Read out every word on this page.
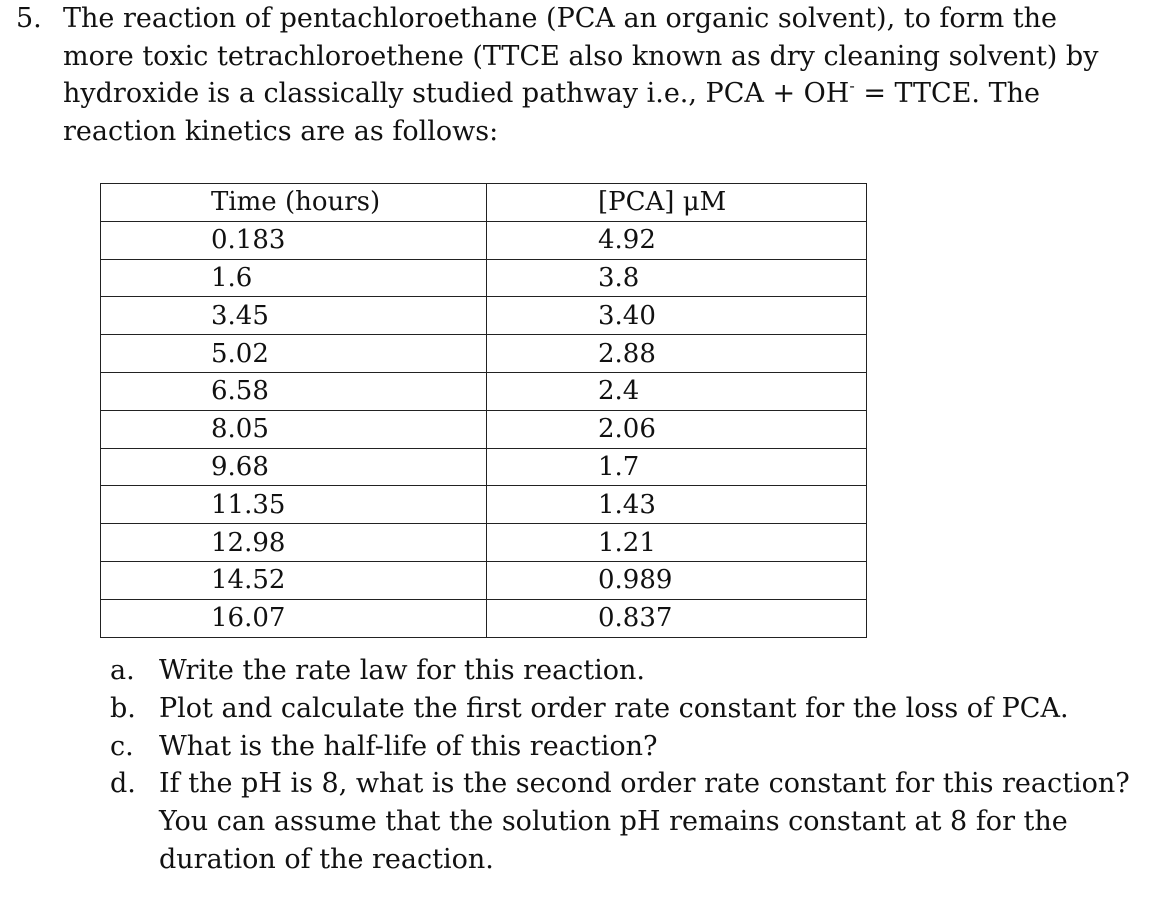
5. The reaction of pentachloroethane (PCA an organic solvent), to form the
more toxic tetrachloroethene (TTCE also known as dry cleaning solvent) by
hydroxide is a classically studied pathway i.e., PCA + OH- = TTCE. The
reaction kinetics are as follows:
Time (hours)	[PCA] μM
0.183	4.92
1.6	3.8
3.45	3.40
5.02	2.88
6.58	2.4
8.05	2.06
9.68	1.7
11.35	1.43
12.98	1.21
14.52	0.989
16.07	0.837
a. Write the rate law for this reaction.
b. Plot and calculate the first order rate constant for the loss of PCA.
c. What is the half-life of this reaction?
d. If the pH is 8, what is the second order rate constant for this reaction?
You can assume that the solution pH remains constant at 8 for the
duration of the reaction.
